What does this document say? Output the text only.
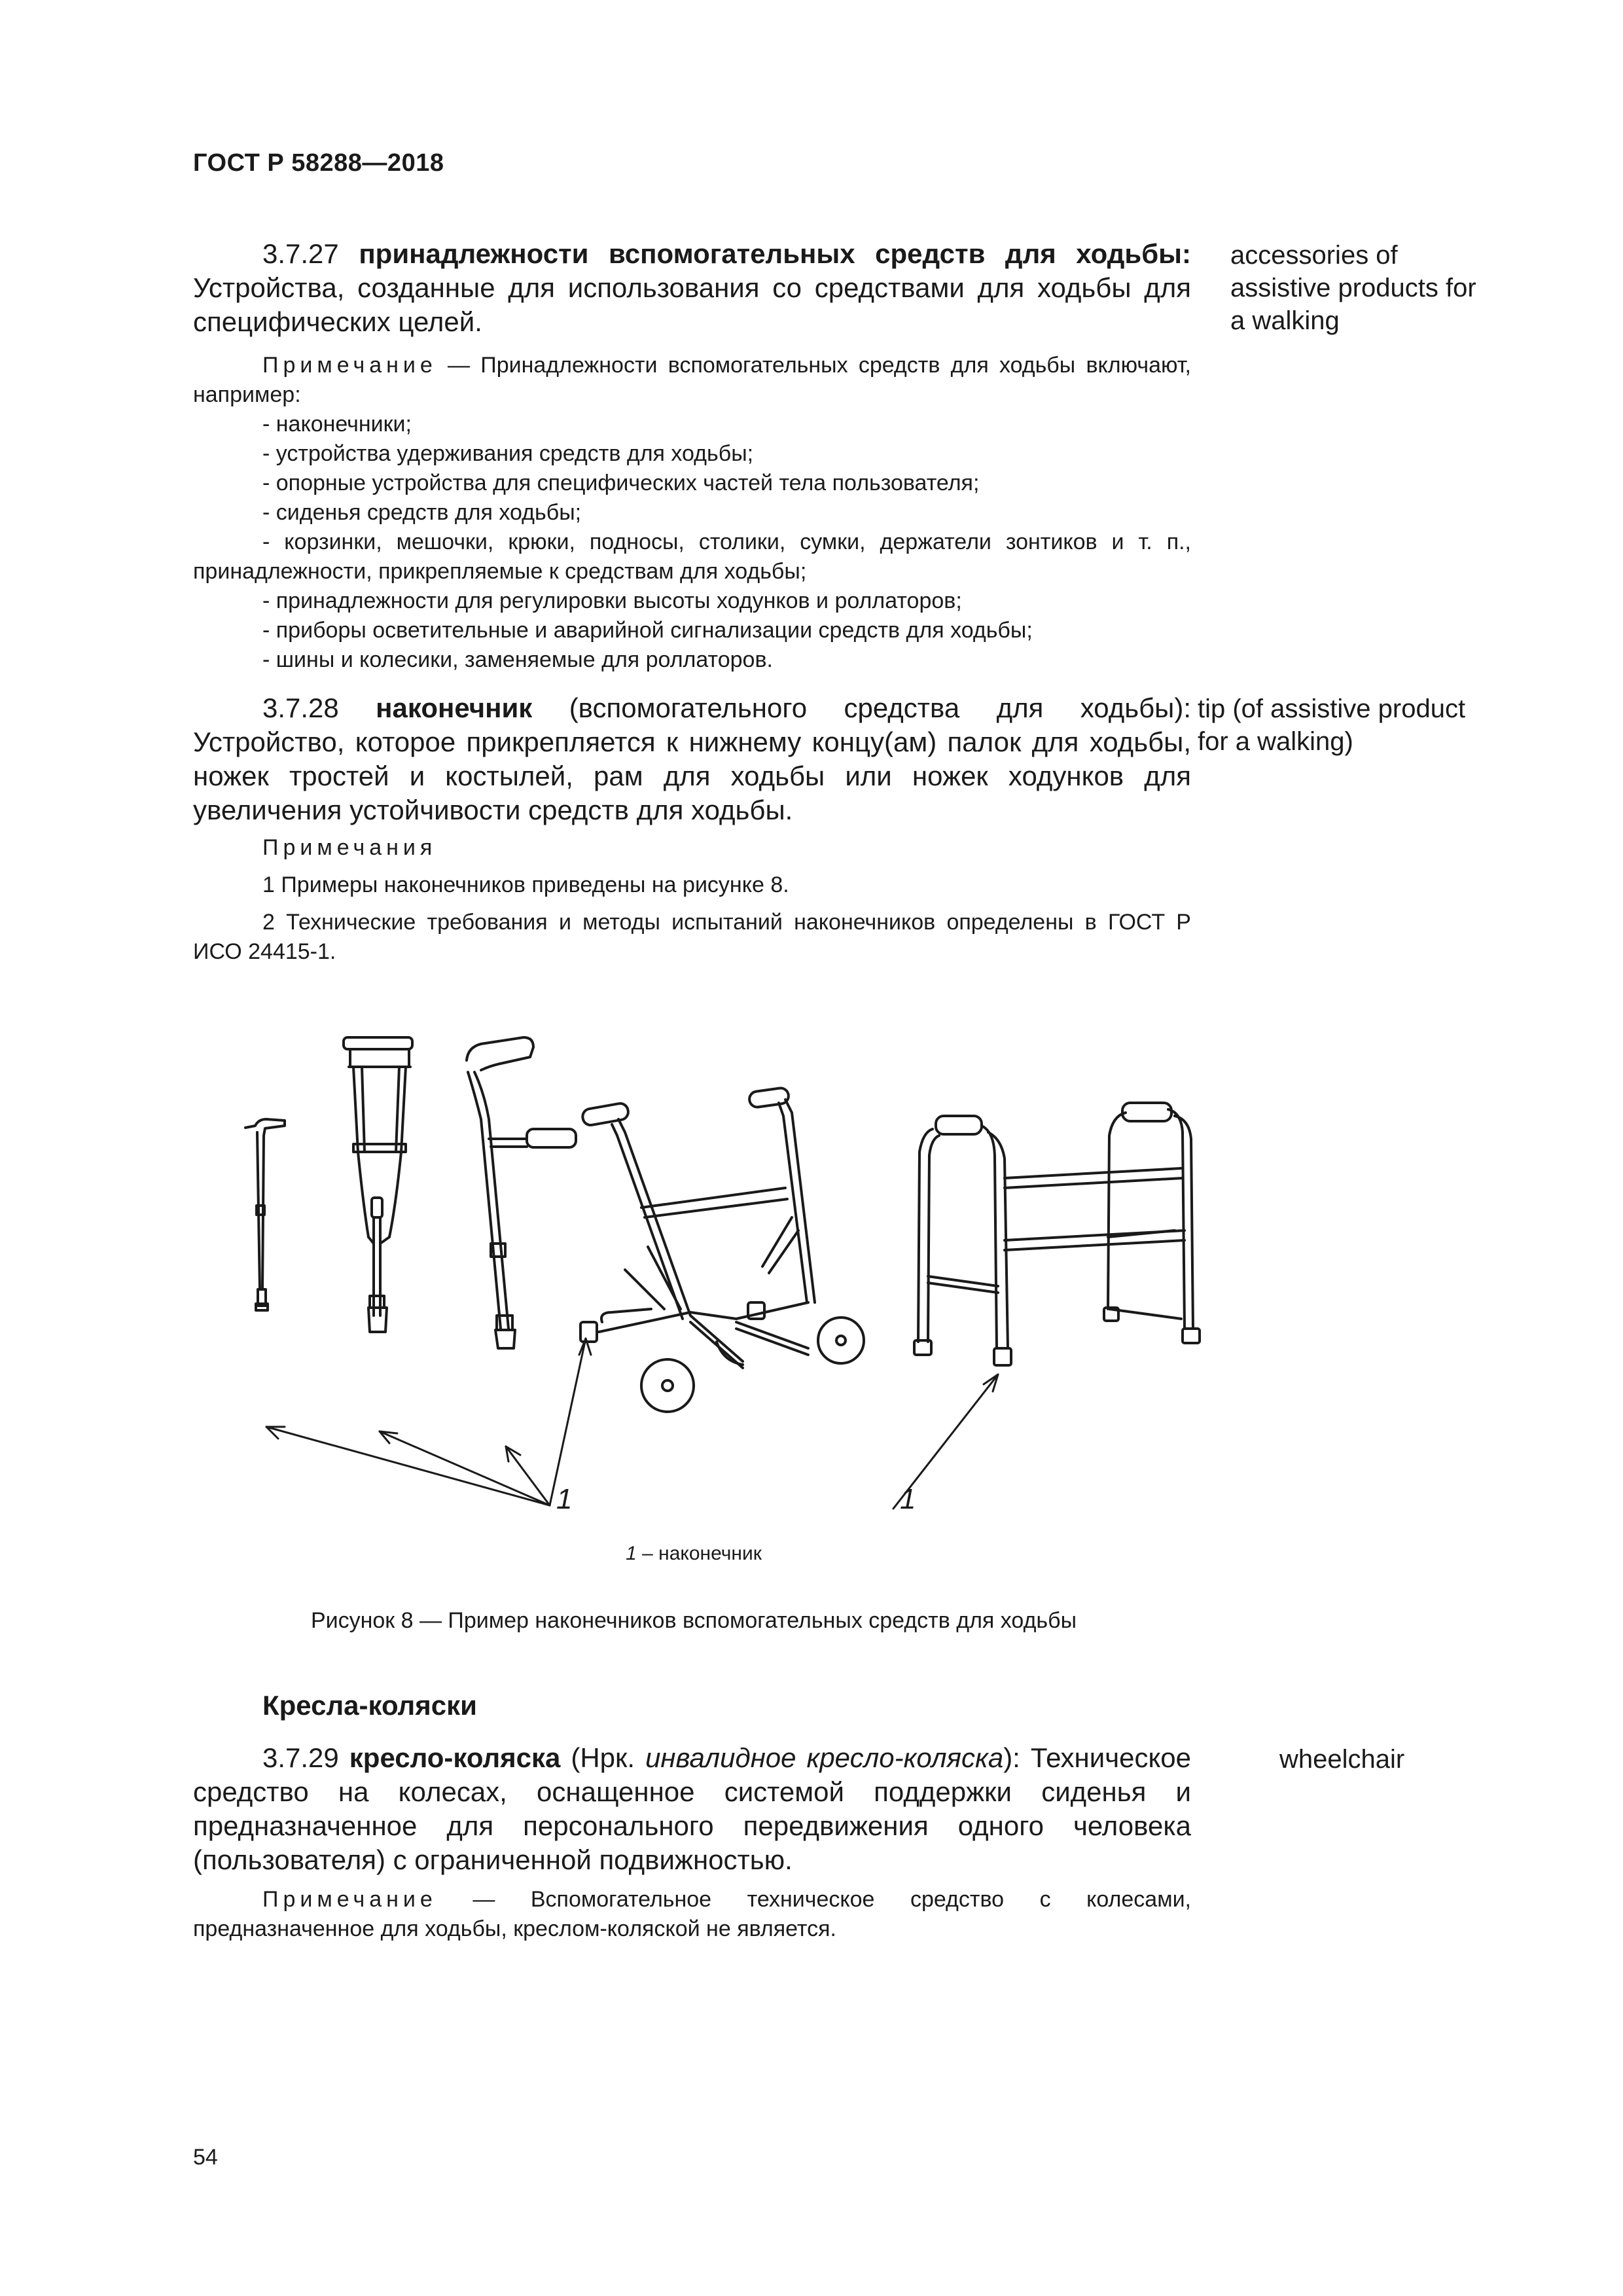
ГОСТ Р 58288—2018
3.7.27 принадлежности вспомогательных средств для ходьбы: Устройства, созданные для использования со средствами для ходьбы для специфических целей.
accessories of assistive products for a walking
Примечание — Принадлежности вспомогательных средств для ходьбы включают, например:
- наконечники;
- устройства удерживания средств для ходьбы;
- опорные устройства для специфических частей тела пользователя;
- сиденья средств для ходьбы;
- корзинки, мешочки, крюки, подносы, столики, сумки, держатели зонтиков и т. п., принадлежности, прикрепляемые к средствам для ходьбы;
- принадлежности для регулировки высоты ходунков и роллаторов;
- приборы осветительные и аварийной сигнализации средств для ходьбы;
- шины и колесики, заменяемые для роллаторов.
3.7.28 наконечник (вспомогательного средства для ходьбы): Устройство, которое прикрепляется к нижнему концу(ам) палок для ходьбы, ножек тростей и костылей, рам для ходьбы или ножек ходунков для увеличения устойчивости средств для ходьбы.
tip (of assistive product for a walking)
Примечания
1 Примеры наконечников приведены на рисунке 8.
2 Технические требования и методы испытаний наконечников определены в ГОСТ Р ИСО 24415-1.
1	1
1 – наконечник
Рисунок 8 — Пример наконечников вспомогательных средств для ходьбы
Кресла-коляски
3.7.29 кресло-коляска (Нрк. инвалидное кресло-коляска): Техническое средство на колесах, оснащенное системой поддержки сиденья и предназначенное для персонального передвижения одного человека (пользователя) с ограниченной подвижностью.
wheelchair
Примечание — Вспомогательное техническое средство с колесами, предназначенное для ходьбы, креслом-коляской не является.
54
